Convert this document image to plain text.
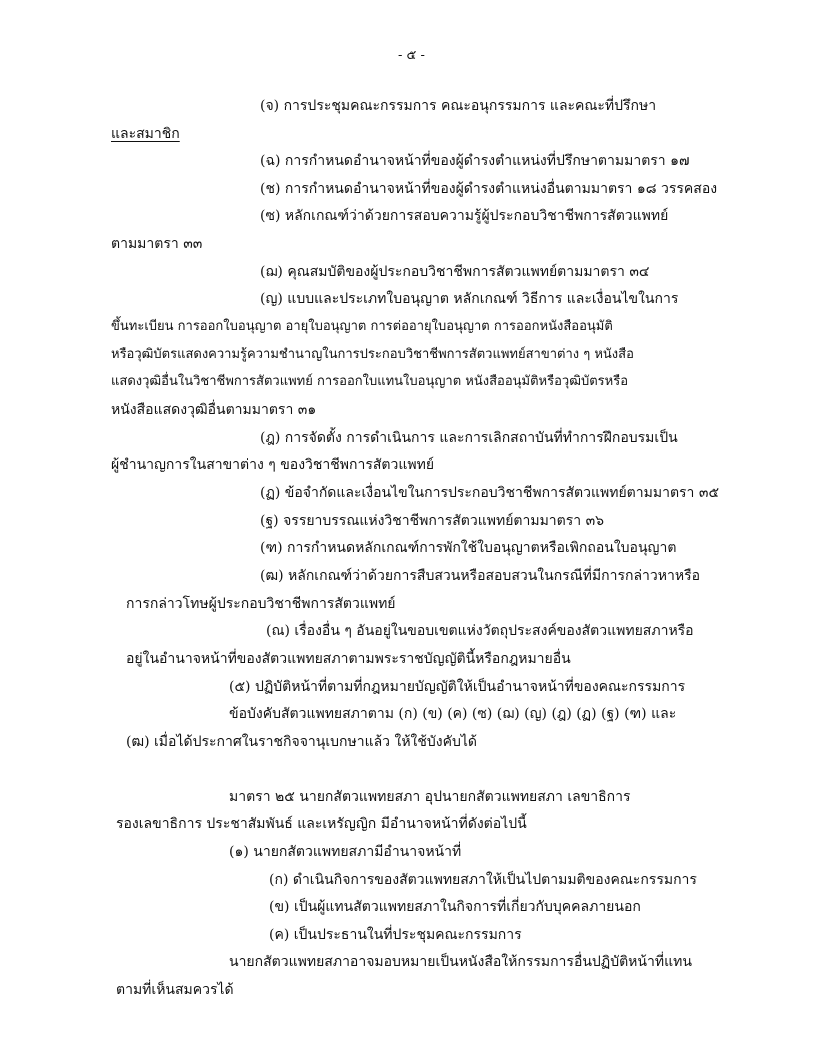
- ๕ -

(จ) การประชุมคณะกรรมการ คณะอนุกรรมการ และคณะที่ปรึกษา

และสมาชิก

(ฉ) การกำหนดอำนาจหน้าที่ของผู้ดำรงตำแหน่งที่ปรึกษาตามมาตรา ๑๗

(ช) การกำหนดอำนาจหน้าที่ของผู้ดำรงตำแหน่งอื่นตามมาตรา ๑๘ วรรคสอง

(ซ) หลักเกณฑ์ว่าด้วยการสอบความรู้ผู้ประกอบวิชาชีพการสัตวแพทย์

ตามมาตรา ๓๓

(ฌ) คุณสมบัติของผู้ประกอบวิชาชีพการสัตวแพทย์ตามมาตรา ๓๔

(ญ) แบบและประเภทใบอนุญาต หลักเกณฑ์ วิธีการ และเงื่อนไขในการ

ขึ้นทะเบียน การออกใบอนุญาต อายุใบอนุญาต การต่ออายุใบอนุญาต การออกหนังสืออนุมัติ

หรือวุฒิบัตรแสดงความรู้ความชำนาญในการประกอบวิชาชีพการสัตวแพทย์สาขาต่าง ๆ หนังสือ

แสดงวุฒิอื่นในวิชาชีพการสัตวแพทย์ การออกใบแทนใบอนุญาต หนังสืออนุมัติหรือวุฒิบัตรหรือ

หนังสือแสดงวุฒิอื่นตามมาตรา ๓๑

(ฎ) การจัดตั้ง การดำเนินการ และการเลิกสถาบันที่ทำการฝึกอบรมเป็น

ผู้ชำนาญการในสาขาต่าง ๆ ของวิชาชีพการสัตวแพทย์

(ฏ) ข้อจำกัดและเงื่อนไขในการประกอบวิชาชีพการสัตวแพทย์ตามมาตรา ๓๕

(ฐ) จรรยาบรรณแห่งวิชาชีพการสัตวแพทย์ตามมาตรา ๓๖

(ฑ) การกำหนดหลักเกณฑ์การพักใช้ใบอนุญาตหรือเพิกถอนใบอนุญาต

(ฒ) หลักเกณฑ์ว่าด้วยการสืบสวนหรือสอบสวนในกรณีที่มีการกล่าวหาหรือ

การกล่าวโทษผู้ประกอบวิชาชีพการสัตวแพทย์

(ณ) เรื่องอื่น ๆ อันอยู่ในขอบเขตแห่งวัตถุประสงค์ของสัตวแพทยสภาหรือ

อยู่ในอำนาจหน้าที่ของสัตวแพทยสภาตามพระราชบัญญัตินี้หรือกฎหมายอื่น

(๕) ปฏิบัติหน้าที่ตามที่กฎหมายบัญญัติให้เป็นอำนาจหน้าที่ของคณะกรรมการ

ข้อบังคับสัตวแพทยสภาตาม (ก) (ข) (ค) (ซ) (ฌ) (ญ) (ฎ) (ฏ) (ฐ) (ฑ) และ

(ฒ) เมื่อได้ประกาศในราชกิจจานุเบกษาแล้ว ให้ใช้บังคับได้

มาตรา ๒๕ นายกสัตวแพทยสภา อุปนายกสัตวแพทยสภา เลขาธิการ

รองเลขาธิการ ประชาสัมพันธ์ และเหรัญญิก มีอำนาจหน้าที่ดังต่อไปนี้

(๑) นายกสัตวแพทยสภามีอำนาจหน้าที่

(ก) ดำเนินกิจการของสัตวแพทยสภาให้เป็นไปตามมติของคณะกรรมการ

(ข) เป็นผู้แทนสัตวแพทยสภาในกิจการที่เกี่ยวกับบุคคลภายนอก

(ค) เป็นประธานในที่ประชุมคณะกรรมการ

นายกสัตวแพทยสภาอาจมอบหมายเป็นหนังสือให้กรรมการอื่นปฏิบัติหน้าที่แทน

ตามที่เห็นสมควรได้
